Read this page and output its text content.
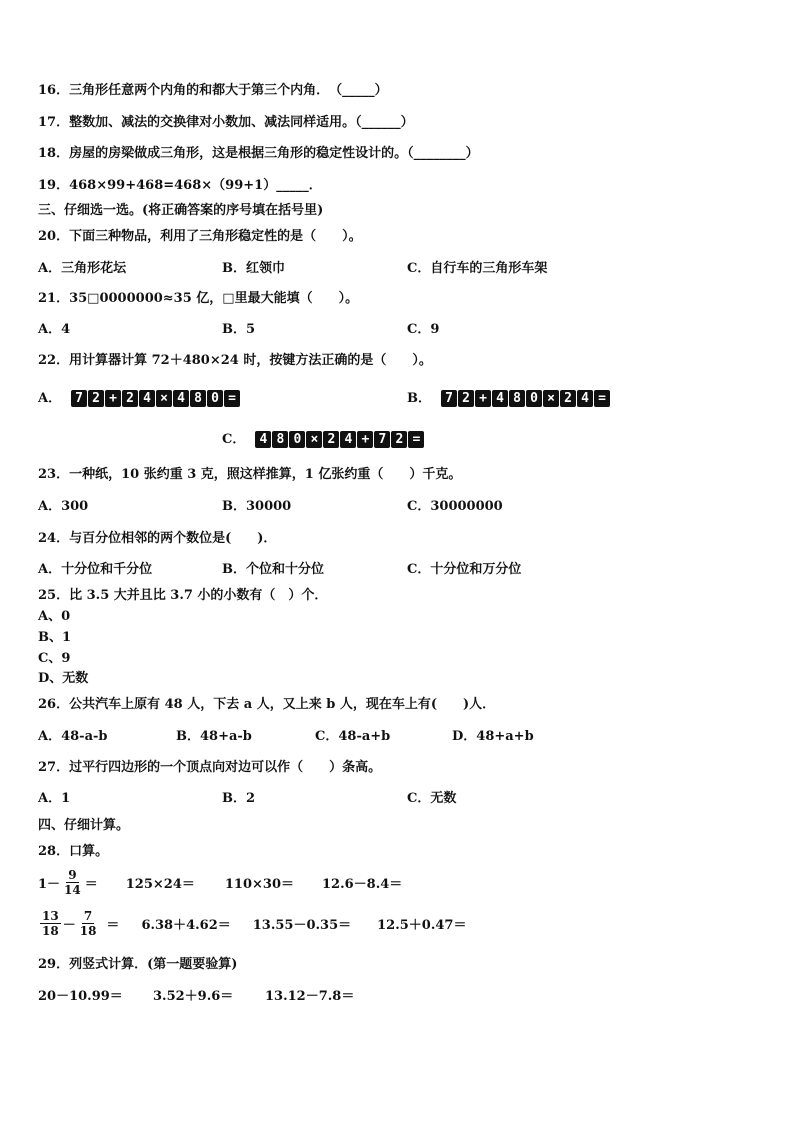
16．三角形任意两个内角的和都大于第三个内角．　（_____）
17．整数加、减法的交换律对小数加、减法同样适用。（______）
18．房屋的房梁做成三角形，这是根据三角形的稳定性设计的。（________）
19．468×99+468=468×（99+1）_____．
三、仔细选一选。(将正确答案的序号填在括号里)
20．下面三种物品，利用了三角形稳定性的是（　　）。
A．三角形花坛	B．红领巾	C．自行车的三角形车架
21．35□0000000≈35 亿，□里最大能填（　　）。
A．4	B．5	C．9
22．用计算器计算 72＋480×24 时，按键方法正确的是（　　）。
A．	7 2 + 2 4 × 4 8 0 =	B．	7 2 + 4 8 0 × 2 4 =
C．	4 8 0 × 2 4 + 7 2 =
23．一种纸，10 张约重 3 克，照这样推算，1 亿张约重（　　）千克。
A．300	B．30000	C．30000000
24．与百分位相邻的两个数位是(　　)．
A．十分位和千分位	B．个位和十分位	C．十分位和万分位
25．比 3.5 大并且比 3.7 小的小数有（　）个．
A、0
B、1
C、9
D、无数
26．公共汽车上原有 48 人，下去 a 人，又上来 b 人，现在车上有(　　)人．
A．48-a-b	B．48+a-b	C．48-a+b	D．48+a+b
27．过平行四边形的一个顶点向对边可以作（　　）条高。
A．1	B．2	C．无数
四、仔细计算。
28．口算。
$1- \frac{9}{14} = 125\times 24= 110\times 30= 12.6-8.4=$
$\frac{13}{18} - \frac{7}{18} = 6.38+4.62= 13.55-0.35= 12.5+0.47=$
29．列竖式计算．(第一题要验算)
20－10.99＝ 3.52＋9.6＝ 13.12－7.8＝
